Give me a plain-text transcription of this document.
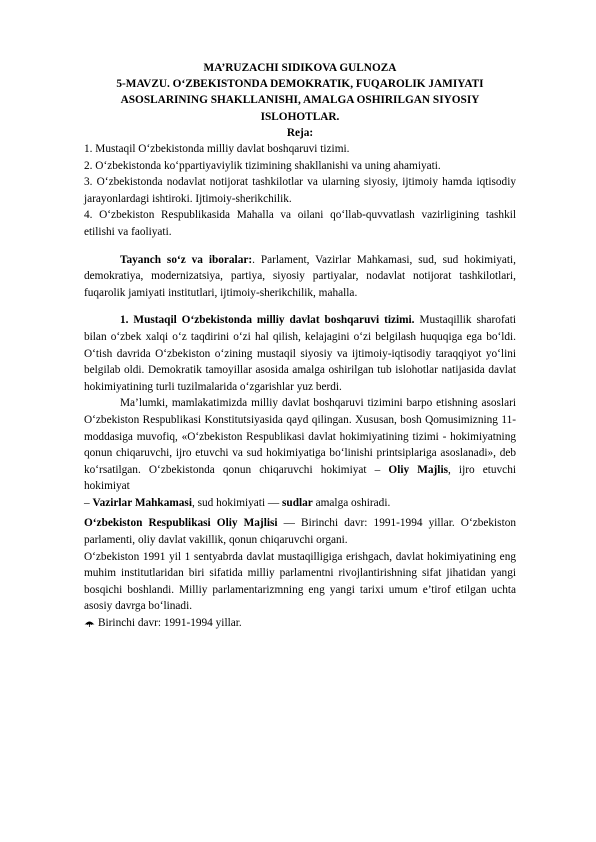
MA’RUZACHI SIDIKOVA GULNOZA
5-MAVZU. O‘ZBEKISTONDA DEMOKRATIK, FUQAROLIK JAMIYATI
ASOSLARINING SHAKLLANISHI, AMALGA OSHIRILGAN SIYOSIY
ISLOHOTLAR.
Reja:

1. Mustaqil O‘zbekistonda milliy davlat boshqaruvi tizimi.

2. O‘zbekistonda ko‘ppartiyaviylik tizimining shakllanishi va uning ahamiyati.

3. O‘zbekistonda nodavlat notijorat tashkilotlar va ularning siyosiy, ijtimoiy hamda iqtisodiy jarayonlardagi ishtiroki. Ijtimoiy-sherikchilik.

4. O‘zbekiston Respublikasida Mahalla va oilani qo‘llab-quvvatlash vazirligining tashkil etilishi va faoliyati.

Tayanch so‘z va iboralar:. Parlament, Vazirlar Mahkamasi, sud, sud hokimiyati, demokratiya, modernizatsiya, partiya, siyosiy partiyalar, nodavlat notijorat tashkilotlari, fuqarolik jamiyati institutlari, ijtimoiy-sherikchilik, mahalla.

1. Mustaqil O‘zbekistonda milliy davlat boshqaruvi tizimi. Mustaqillik sharofati bilan o‘zbek xalqi o‘z taqdirini o‘zi hal qilish, kelajagini o‘zi belgilash huquqiga ega bo‘ldi. O‘tish davrida O‘zbekiston o‘zining mustaqil siyosiy va ijtimoiy-iqtisodiy taraqqiyot yo‘lini belgilab oldi. Demokratik tamoyillar asosida amalga oshirilgan tub islohotlar natijasida davlat hokimiyatining turli tuzilmalarida o‘zgarishlar yuz berdi.

Ma’lumki, mamlakatimizda milliy davlat boshqaruvi tizimini barpo etishning asoslari O‘zbekiston Respublikasi Konstitutsiyasida qayd qilingan. Xususan, bosh Qomusimizning 11-moddasiga muvofiq, «O‘zbekiston Respublikasi davlat hokimiyatining tizimi - hokimiyatning qonun chiqaruvchi, ijro etuvchi va sud hokimiyatiga bo‘linishi printsiplariga asoslanadi», deb ko‘rsatilgan. O‘zbekistonda qonun chiqaruvchi hokimiyat – Oliy Majlis, ijro etuvchi hokimiyat

– Vazirlar Mahkamasi, sud hokimiyati — sudlar amalga oshiradi.

O‘zbekiston Respublikasi Oliy Majlisi — Birinchi davr: 1991-1994 yillar. O‘zbekiston parlamenti, oliy davlat vakillik, qonun chiqaruvchi organi.

O‘zbekiston 1991 yil 1 sentyabrda davlat mustaqilligiga erishgach, davlat hokimiyatining eng muhim institutlaridan biri sifatida milliy parlamentni rivojlantirishning sifat jihatidan yangi bosqichi boshlandi. Milliy parlamentarizmning eng yangi tarixi umum e’tirof etilgan uchta asosiy davrga bo‘linadi.

Birinchi davr: 1991-1994 yillar.
